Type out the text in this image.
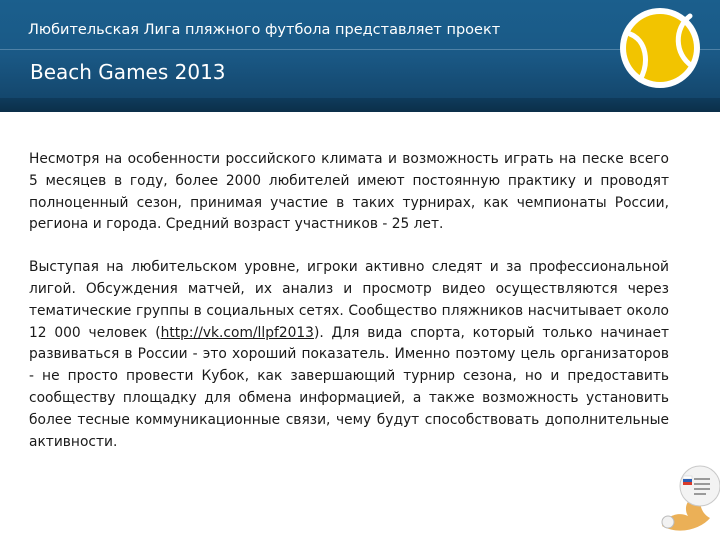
Любительская Лига пляжного футбола представляет проект
Beach Games 2013

Несмотря на особенности российского климата и возможность играть на песке всего 5 месяцев в году, более 2000 любителей имеют постоянную практику и проводят полноценный сезон, принимая участие в таких турнирах, как чемпионаты России, региона и города. Средний возраст участников - 25 лет.

Выступая на любительском уровне, игроки активно следят и за профессиональной лигой. Обсуждения матчей, их анализ и просмотр видео осуществляются через тематические группы в социальных сетях. Сообщество пляжников насчитывает около 12 000 человек (http://vk.com/llpf2013). Для вида спорта, который только начинает развиваться в России - это хороший показатель. Именно поэтому цель организаторов - не просто провести Кубок, как завершающий турнир сезона, но и предоставить сообществу площадку для обмена информацией, а также возможность установить более тесные коммуникационные связи, чему будут способствовать дополнительные активности.
